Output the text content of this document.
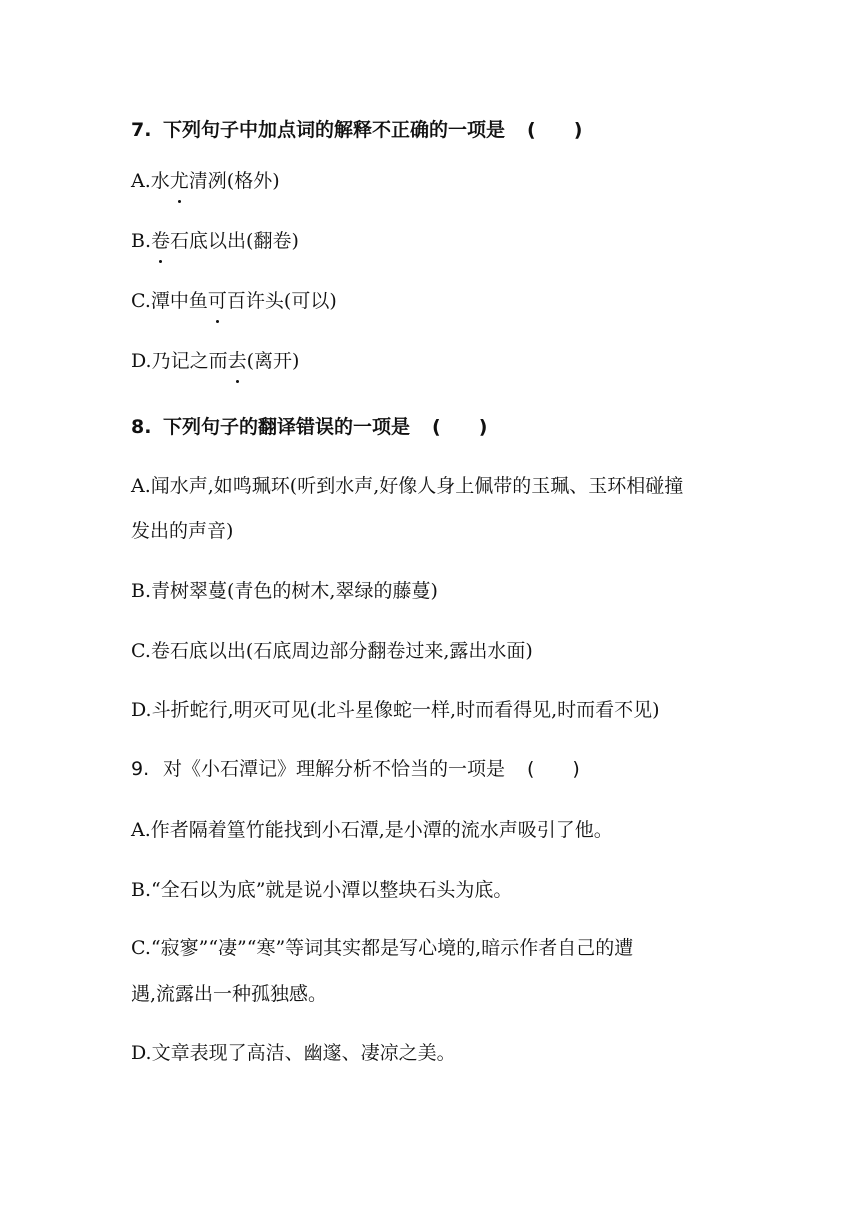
7. 下列句子中加点词的解释不正确的一项是 (　　)
A.水尤清冽(格外)
B.卷石底以出(翻卷)
C.潭中鱼可百许头(可以)
D.乃记之而去(离开)
8. 下列句子的翻译错误的一项是 (　　)
A.闻水声,如鸣珮环(听到水声,好像人身上佩带的玉珮、玉环相碰撞
发出的声音)
B.青树翠蔓(青色的树木,翠绿的藤蔓)
C.卷石底以出(石底周边部分翻卷过来,露出水面)
D.斗折蛇行,明灭可见(北斗星像蛇一样,时而看得见,时而看不见)
9. 对《小石潭记》理解分析不恰当的一项是 (　　)
A.作者隔着篁竹能找到小石潭,是小潭的流水声吸引了他。
B.“全石以为底”就是说小潭以整块石头为底。
C.“寂寥”“凄”“寒”等词其实都是写心境的,暗示作者自己的遭
遇,流露出一种孤独感。
D.文章表现了高洁、幽邃、凄凉之美。
